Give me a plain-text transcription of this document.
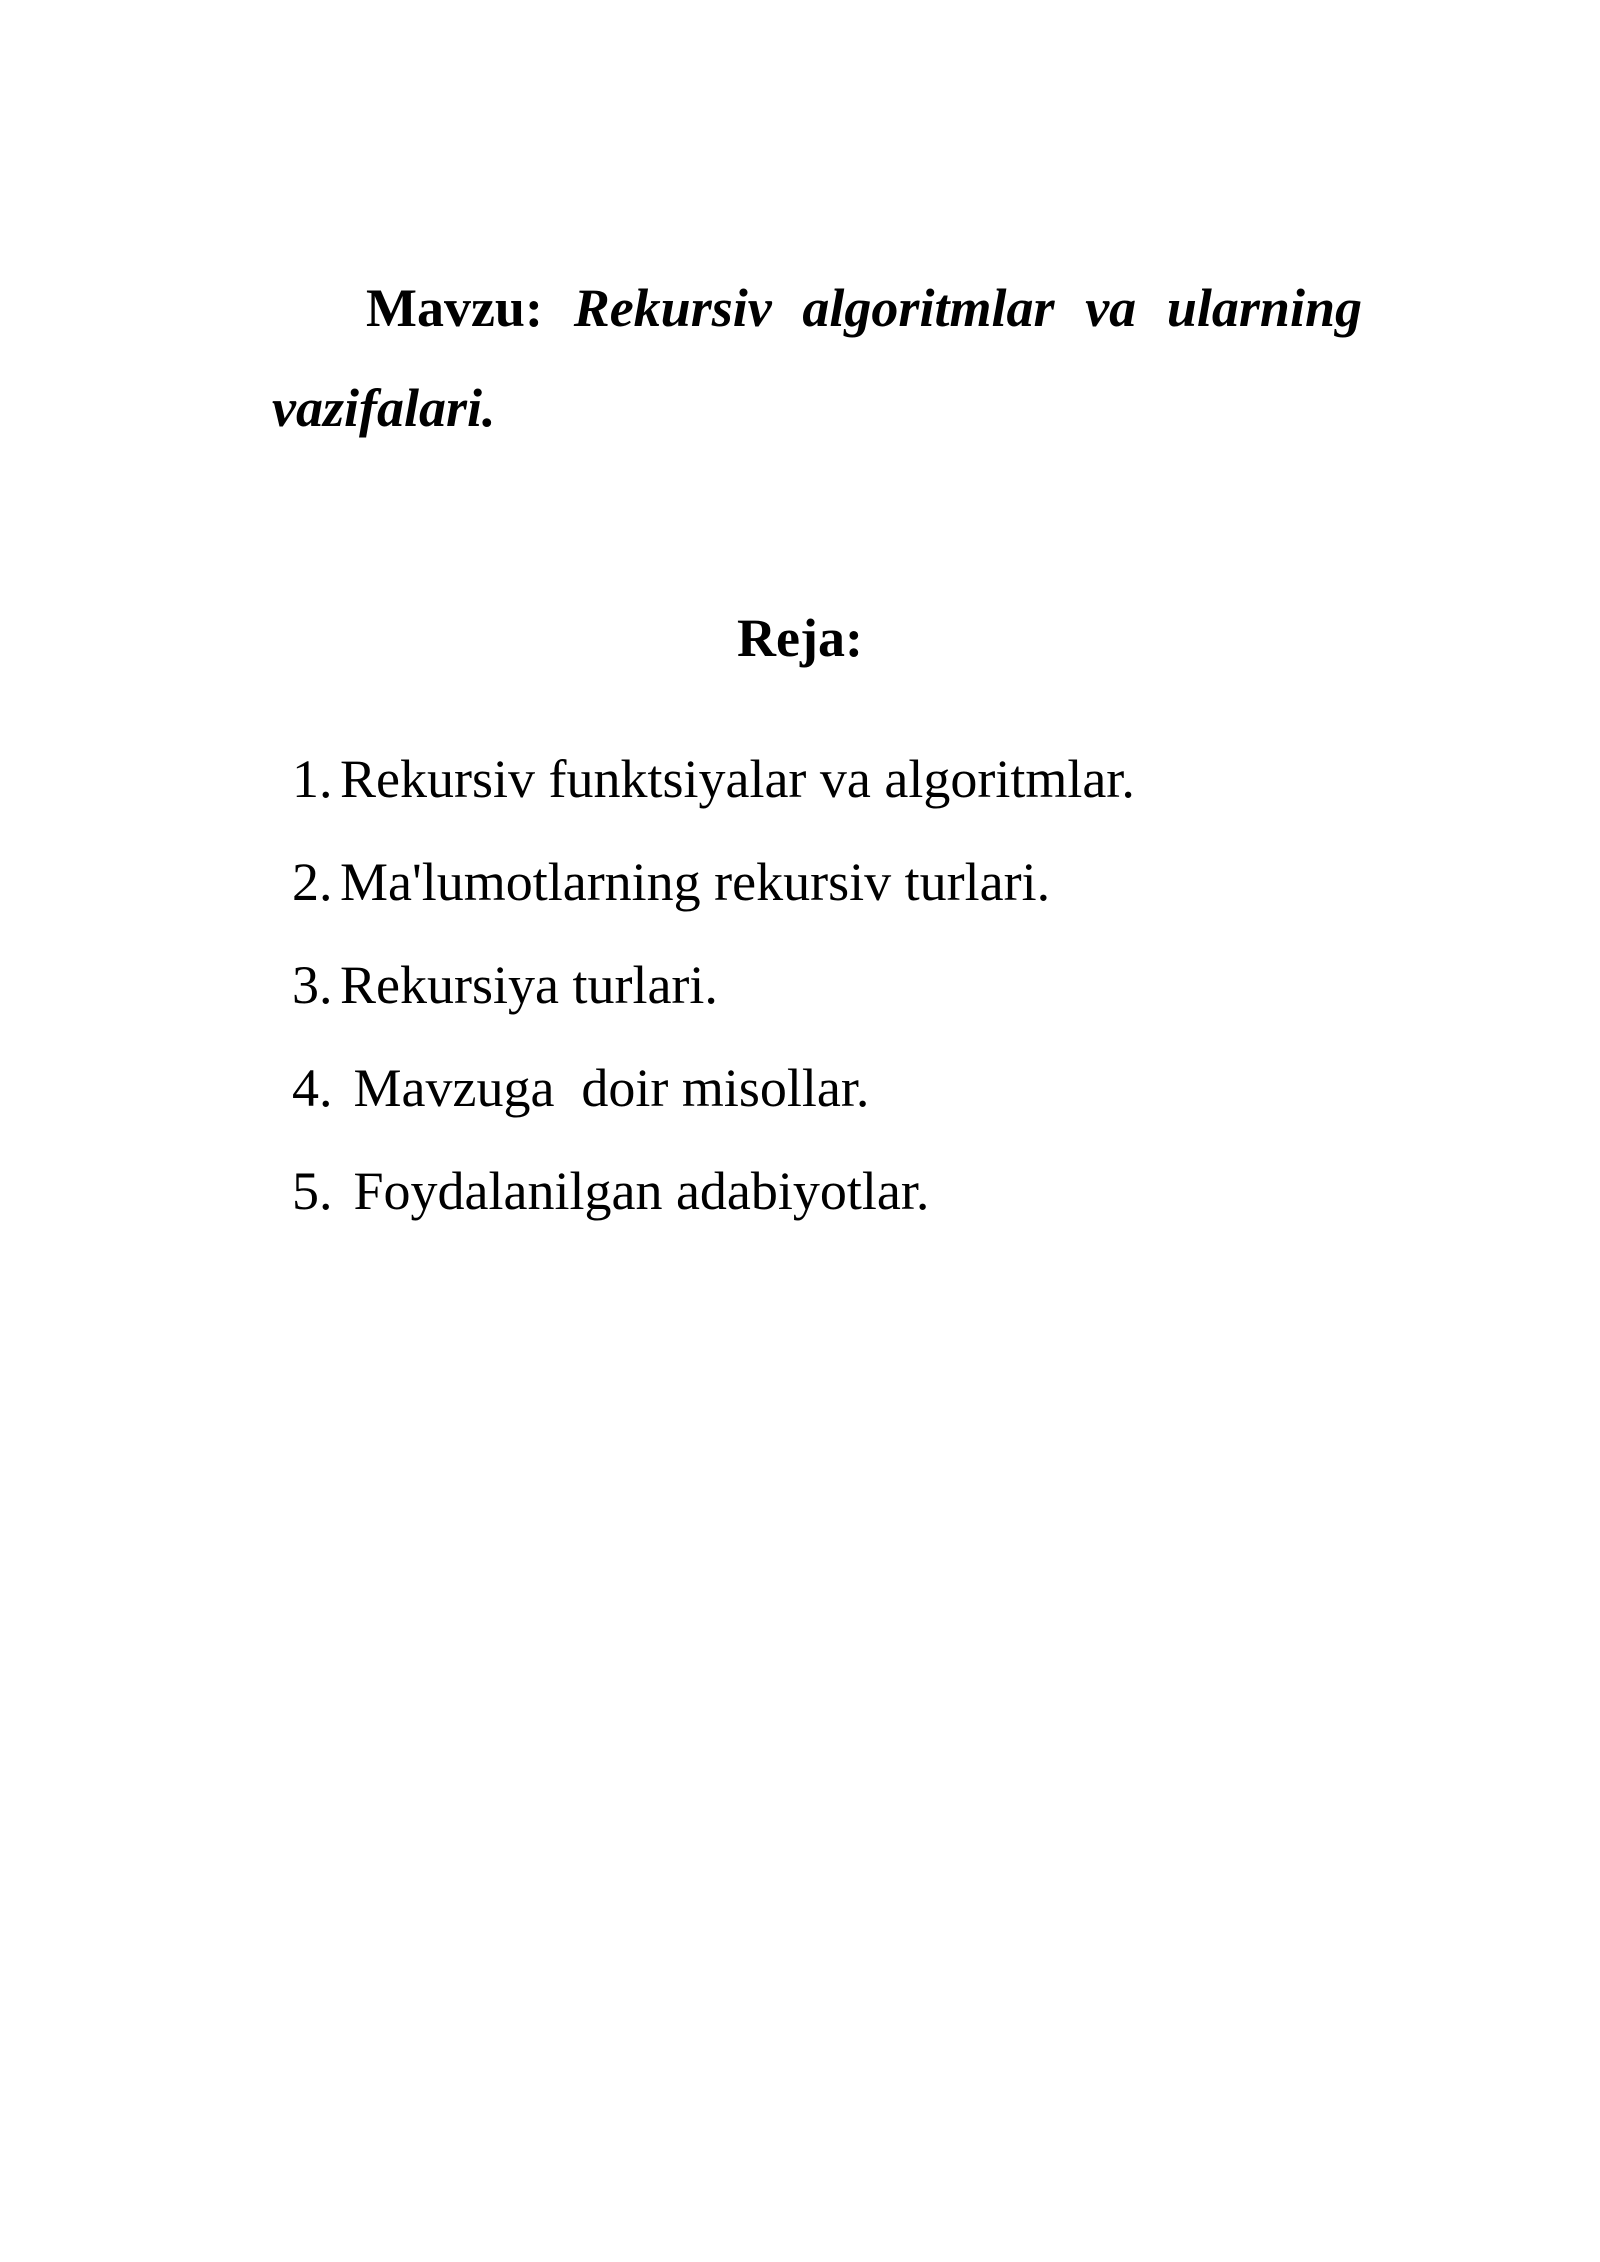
Mavzu: Rekursiv algoritmlar va ularning vazifalari.

Reja:
1. Rekursiv funktsiyalar va algoritmlar.
2. Ma'lumotlarning rekursiv turlari.
3. Rekursiya turlari.
4. Mavzuga  doir misollar.
5. Foydalanilgan adabiyotlar.
